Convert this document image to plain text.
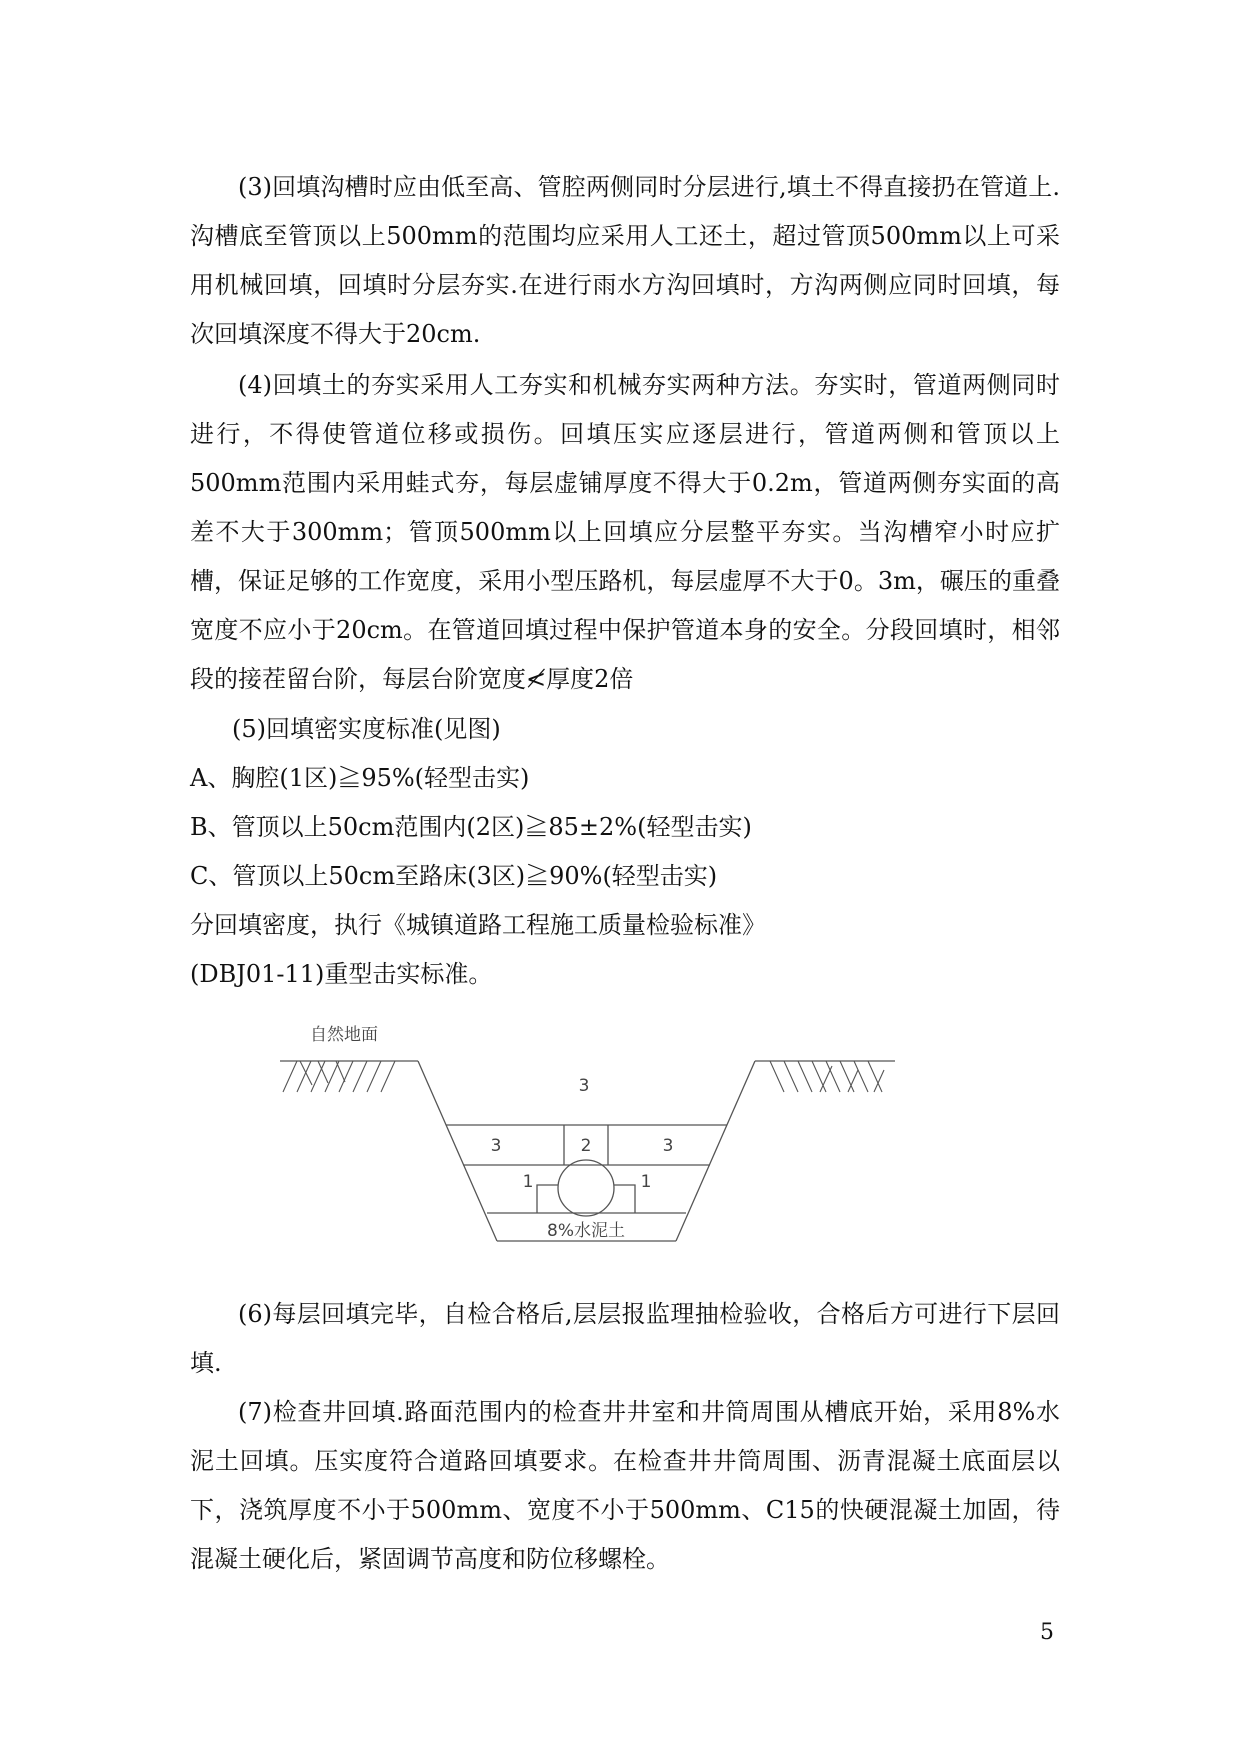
(3)回填沟槽时应由低至高、管腔两侧同时分层进行,填土不得直接扔在管道上.沟槽底至管顶以上500mm的范围均应采用人工还土，超过管顶500mm以上可采用机械回填，回填时分层夯实.在进行雨水方沟回填时，方沟两侧应同时回填，每次回填深度不得大于20cm.

(4)回填土的夯实采用人工夯实和机械夯实两种方法。夯实时，管道两侧同时进行，不得使管道位移或损伤。回填压实应逐层进行，管道两侧和管顶以上500mm范围内采用蛙式夯，每层虚铺厚度不得大于0.2m，管道两侧夯实面的高差不大于300mm；管顶500mm以上回填应分层整平夯实。当沟槽窄小时应扩槽，保证足够的工作宽度，采用小型压路机，每层虚厚不大于0。3m，碾压的重叠宽度不应小于20cm。在管道回填过程中保护管道本身的安全。分段回填时，相邻段的接茬留台阶，每层台阶宽度≮厚度2倍

(5)回填密实度标准(见图)

A、胸腔(1区)≧95%(轻型击实)

B、管顶以上50cm范围内(2区)≧85±2%(轻型击实)

C、管顶以上50cm至路床(3区)≧90%(轻型击实)

分回填密度，执行《城镇道路工程施工质量检验标准》

(DBJ01-11)重型击实标准。

自然地面
3
3	2	3
1	1
8%水泥土

(6)每层回填完毕，自检合格后,层层报监理抽检验收，合格后方可进行下层回填.

(7)检查井回填.路面范围内的检查井井室和井筒周围从槽底开始，采用8%水泥土回填。压实度符合道路回填要求。在检查井井筒周围、沥青混凝土底面层以下，浇筑厚度不小于500mm、宽度不小于500mm、C15的快硬混凝土加固，待混凝土硬化后，紧固调节高度和防位移螺栓。

5
